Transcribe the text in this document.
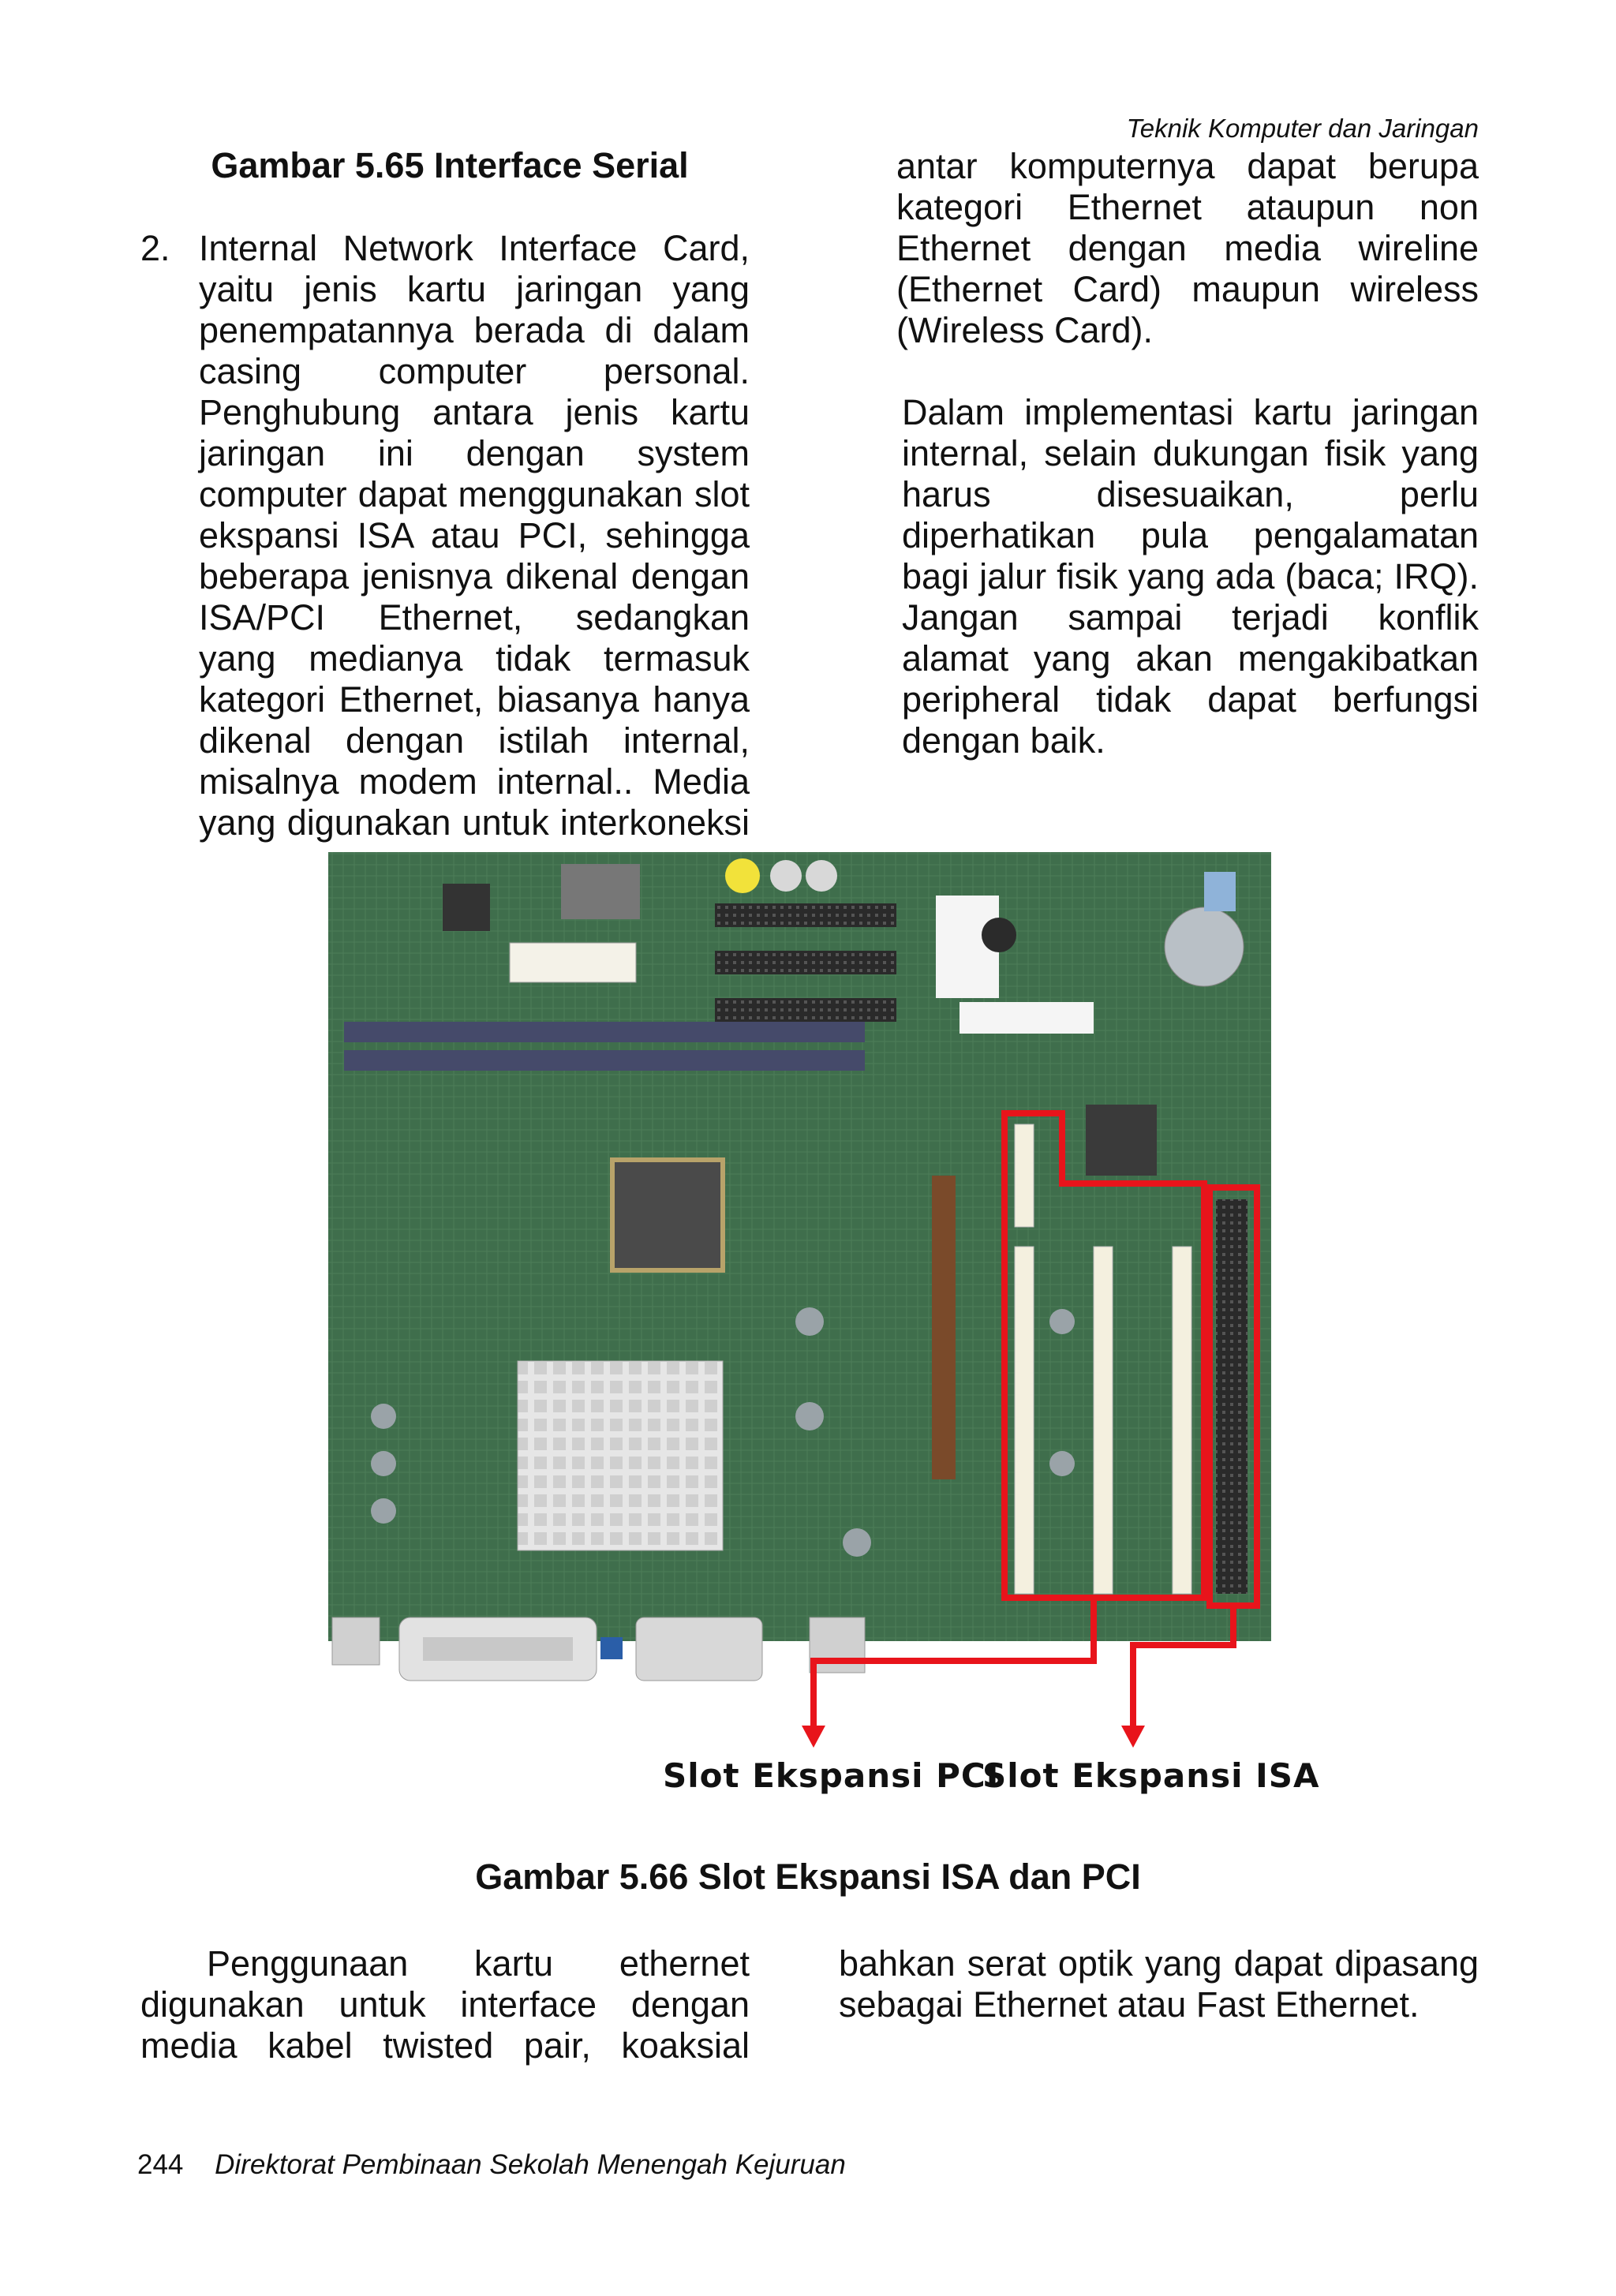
Teknik Komputer dan Jaringan
Gambar 5.65 Interface Serial
2. Internal Network Interface Card,
yaitu jenis kartu jaringan yang
penempatannya berada di dalam
casing computer personal.
Penghubung antara jenis kartu
jaringan ini dengan system
computer dapat menggunakan slot
ekspansi ISA atau PCI, sehingga
beberapa jenisnya dikenal dengan
ISA/PCI Ethernet, sedangkan
yang medianya tidak termasuk
kategori Ethernet, biasanya hanya
dikenal dengan istilah internal,
misalnya modem internal.. Media
yang digunakan untuk interkoneksi
antar komputernya dapat berupa
kategori Ethernet ataupun non
Ethernet dengan media wireline
(Ethernet Card) maupun wireless
(Wireless Card).
Dalam implementasi kartu jaringan
internal, selain dukungan fisik yang
harus disesuaikan, perlu
diperhatikan pula pengalamatan
bagi jalur fisik yang ada (baca; IRQ).
Jangan sampai terjadi konflik
alamat yang akan mengakibatkan
peripheral tidak dapat berfungsi
dengan baik.
Slot Ekspansi PCI
Slot Ekspansi ISA
Gambar 5.66 Slot Ekspansi ISA dan PCI
Penggunaan kartu ethernet
digunakan untuk interface dengan
media kabel twisted pair, koaksial
bahkan serat optik yang dapat dipasang
sebagai Ethernet atau Fast Ethernet.
244 Direktorat Pembinaan Sekolah Menengah Kejuruan
